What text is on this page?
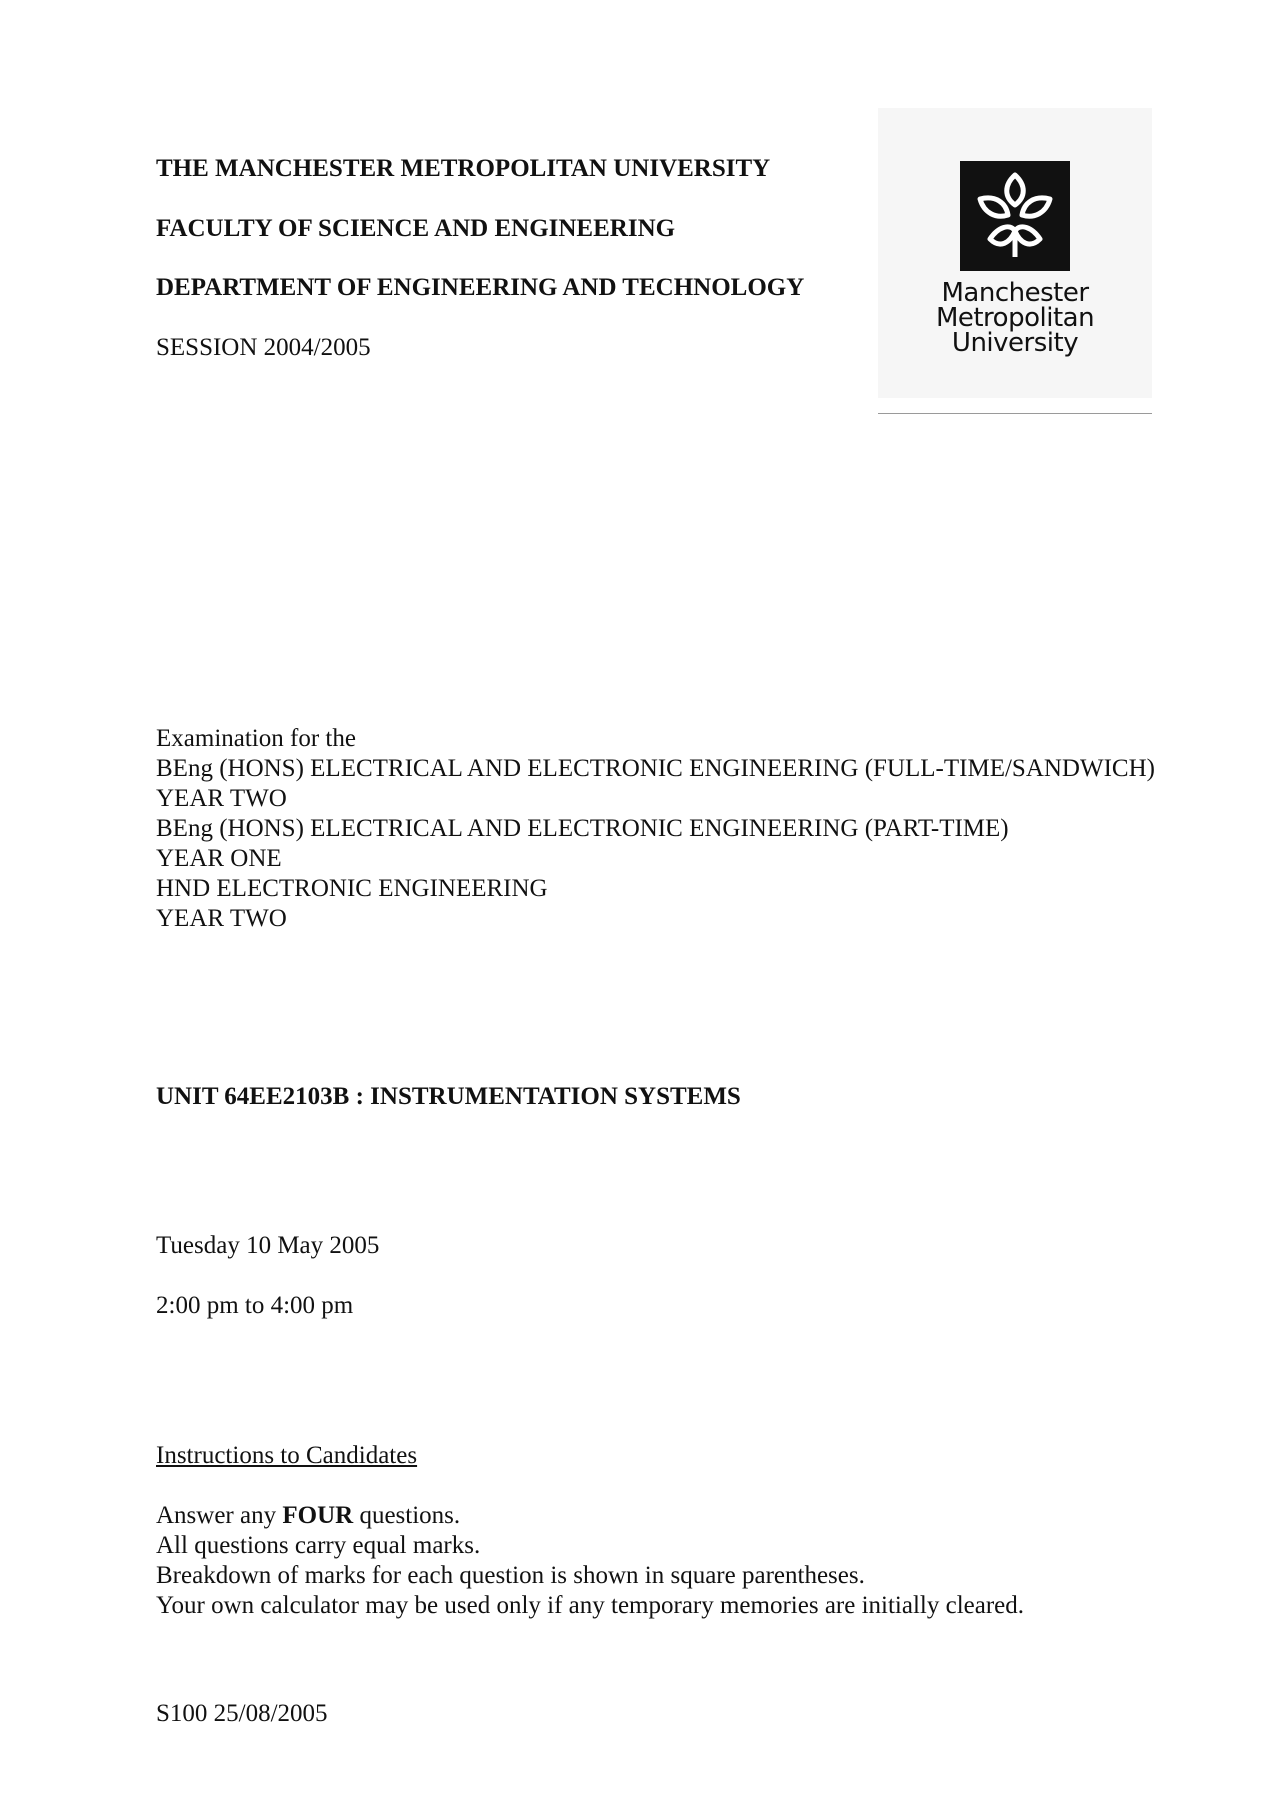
THE MANCHESTER METROPOLITAN UNIVERSITY
FACULTY OF SCIENCE AND ENGINEERING
DEPARTMENT OF ENGINEERING AND TECHNOLOGY
SESSION 2004/2005
Manchester
Metropolitan
University
Examination for the
BEng (HONS) ELECTRICAL AND ELECTRONIC ENGINEERING (FULL-TIME/SANDWICH)
YEAR TWO
BEng (HONS) ELECTRICAL AND ELECTRONIC ENGINEERING (PART-TIME)
YEAR ONE
HND ELECTRONIC ENGINEERING
YEAR TWO
UNIT 64EE2103B : INSTRUMENTATION SYSTEMS
Tuesday 10 May 2005
2:00 pm to 4:00 pm
Instructions to Candidates
Answer any FOUR questions.
All questions carry equal marks.
Breakdown of marks for each question is shown in square parentheses.
Your own calculator may be used only if any temporary memories are initially cleared.
S100 25/08/2005
